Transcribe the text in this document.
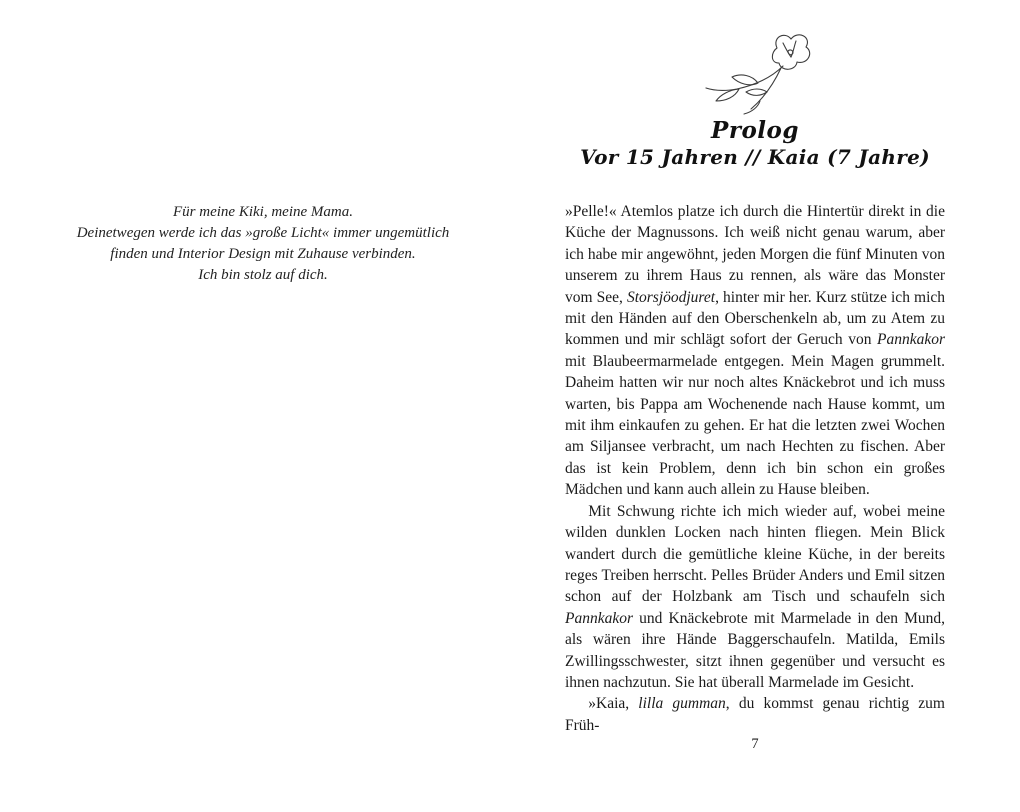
Für meine Kiki, meine Mama.
Deinetwegen werde ich das »große Licht« immer ungemütlich
finden und Interior Design mit Zuhause verbinden.
Ich bin stolz auf dich.
Prolog
Vor 15 Jahren // Kaia (7 Jahre)

»Pelle!« Atemlos platze ich durch die Hintertür direkt in die Küche der Magnussons. Ich weiß nicht genau warum, aber ich habe mir angewöhnt, jeden Morgen die fünf Minuten von unserem zu ihrem Haus zu rennen, als wäre das Monster vom See, Storsjöodjuret, hinter mir her. Kurz stütze ich mich mit den Händen auf den Oberschenkeln ab, um zu Atem zu kommen und mir schlägt sofort der Geruch von Pannkakor mit Blaubeermarmelade entgegen. Mein Magen grummelt. Daheim hatten wir nur noch altes Knäckebrot und ich muss warten, bis Pappa am Wochenende nach Hause kommt, um mit ihm einkaufen zu gehen. Er hat die letzten zwei Wochen am Siljansee verbracht, um nach Hechten zu fischen. Aber das ist kein Problem, denn ich bin schon ein großes Mädchen und kann auch allein zu Hause bleiben.

Mit Schwung richte ich mich wieder auf, wobei meine wilden dunklen Locken nach hinten fliegen. Mein Blick wandert durch die gemütliche kleine Küche, in der bereits reges Treiben herrscht. Pelles Brüder Anders und Emil sitzen schon auf der Holzbank am Tisch und schaufeln sich Pannkakor und Knäckebrote mit Marmelade in den Mund, als wären ihre Hände Baggerschaufeln. Matilda, Emils Zwillingsschwester, sitzt ihnen gegenüber und versucht es ihnen nachzutun. Sie hat überall Marmelade im Gesicht.

»Kaia, lilla gumman, du kommst genau richtig zum Früh-

7
